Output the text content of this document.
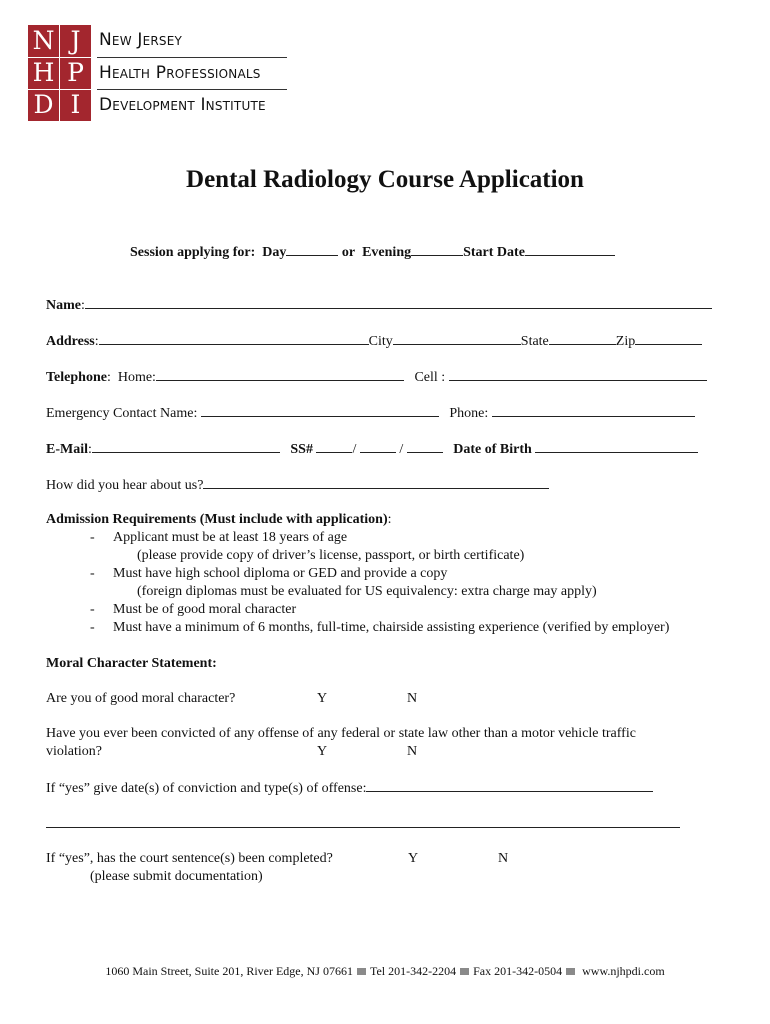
N J
H P
D I
New Jersey
Health Professionals
Development Institute
Dental Radiology Course Application
Session applying for: Day	or Evening	Start Date
Name:
Address:	City	State	Zip
Telephone:  Home:	Cell :
Emergency Contact Name:	Phone:
E-Mail:	SS#	/	/	Date of Birth
How did you hear about us?
Admission Requirements (Must include with application):
- Applicant must be at least 18 years of age
(please provide copy of driver’s license, passport, or birth certificate)
- Must have high school diploma or GED and provide a copy
(foreign diplomas must be evaluated for US equivalency: extra charge may apply)
- Must be of good moral character
- Must have a minimum of 6 months, full-time, chairside assisting experience (verified by employer)
Moral Character Statement:
Are you of good moral character?	Y	N
Have you ever been convicted of any offense of any federal or state law other than a motor vehicle traffic
violation?	Y	N
If “yes” give date(s) of conviction and type(s) of offense:
If “yes”, has the court sentence(s) been completed?	Y	N
(please submit documentation)
1060 Main Street, Suite 201, River Edge, NJ 07661 Tel 201-342-2204 Fax 201-342-0504 www.njhpdi.com
